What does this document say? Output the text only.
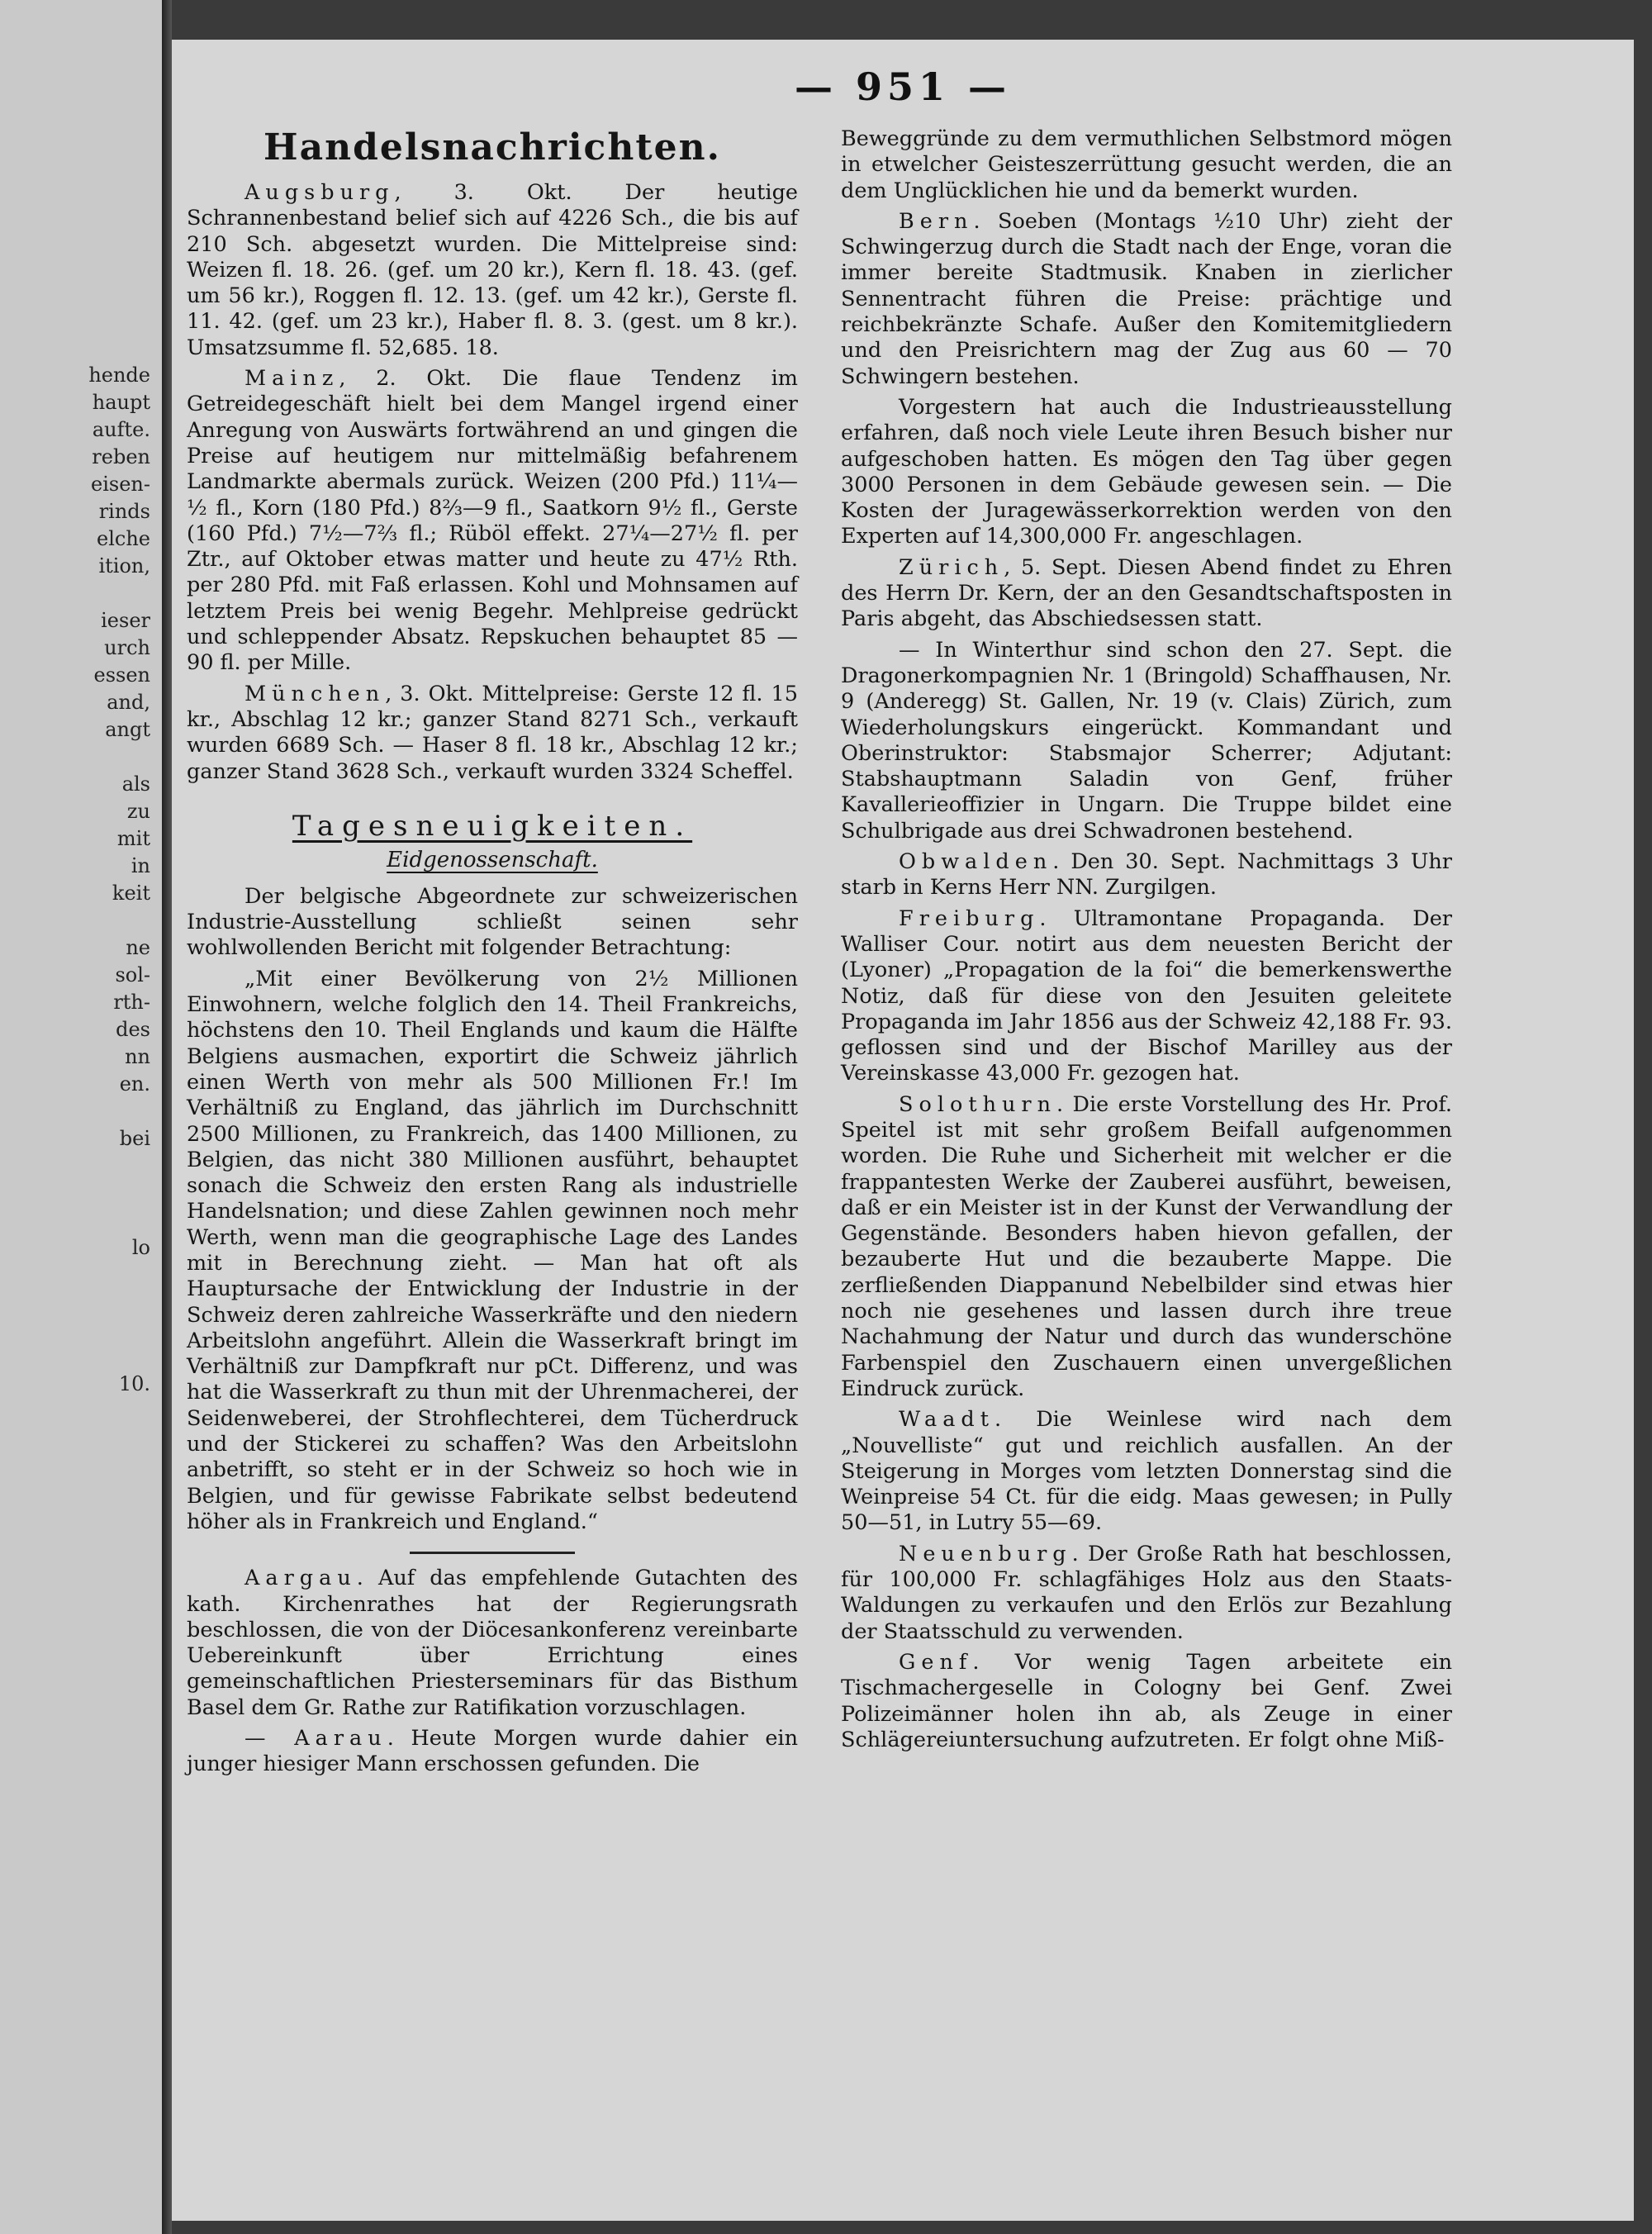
hende
haupt
aufte.
reben
eisen-
rinds
elche
ition,
ieser
urch
essen
and,
angt
als
zu
mit
in
keit
ne
sol-
rth-
des
nn
en.
bei
lo
10.
— 951 —
Handelsnachrichten.

Augsburg, 3. Okt. Der heutige Schrannenbestand belief sich auf 4226 Sch., die bis auf 210 Sch. abgesetzt wurden. Die Mittelpreise sind: Weizen fl. 18. 26. (gef. um 20 kr.), Kern fl. 18. 43. (gef. um 56 kr.), Roggen fl. 12. 13. (gef. um 42 kr.), Gerste fl. 11. 42. (gef. um 23 kr.), Haber fl. 8. 3. (gest. um 8 kr.). Umsatzsumme fl. 52,685. 18.

Mainz, 2. Okt. Die flaue Tendenz im Getreidegeschäft hielt bei dem Mangel irgend einer Anregung von Auswärts fortwährend an und gingen die Preise auf heutigem nur mittelmäßig befahrenem Landmarkte abermals zurück. Weizen (200 Pfd.) 11¼—½ fl., Korn (180 Pfd.) 8⅔—9 fl., Saatkorn 9½ fl., Gerste (160 Pfd.) 7½—7⅔ fl.; Rüböl effekt. 27¼—27½ fl. per Ztr., auf Oktober etwas matter und heute zu 47½ Rth. per 280 Pfd. mit Faß erlassen. Kohl und Mohnsamen auf letztem Preis bei wenig Begehr. Mehlpreise gedrückt und schleppender Absatz. Repskuchen behauptet 85 — 90 fl. per Mille.

München, 3. Okt. Mittelpreise: Gerste 12 fl. 15 kr., Abschlag 12 kr.; ganzer Stand 8271 Sch., verkauft wurden 6689 Sch. — Haser 8 fl. 18 kr., Abschlag 12 kr.; ganzer Stand 3628 Sch., verkauft wurden 3324 Scheffel.

Tagesneuigkeiten.
Eidgenossenschaft.

Der belgische Abgeordnete zur schweizerischen Industrie-Ausstellung schließt seinen sehr wohlwollenden Bericht mit folgender Betrachtung:

„Mit einer Bevölkerung von 2½ Millionen Einwohnern, welche folglich den 14. Theil Frankreichs, höchstens den 10. Theil Englands und kaum die Hälfte Belgiens ausmachen, exportirt die Schweiz jährlich einen Werth von mehr als 500 Millionen Fr.! Im Verhältniß zu England, das jährlich im Durchschnitt 2500 Millionen, zu Frankreich, das 1400 Millionen, zu Belgien, das nicht 380 Millionen ausführt, behauptet sonach die Schweiz den ersten Rang als industrielle Handelsnation; und diese Zahlen gewinnen noch mehr Werth, wenn man die geographische Lage des Landes mit in Berechnung zieht. — Man hat oft als Hauptursache der Entwicklung der Industrie in der Schweiz deren zahlreiche Wasserkräfte und den niedern Arbeitslohn angeführt. Allein die Wasserkraft bringt im Verhältniß zur Dampfkraft nur pCt. Differenz, und was hat die Wasserkraft zu thun mit der Uhrenmacherei, der Seidenweberei, der Strohflechterei, dem Tücherdruck und der Stickerei zu schaffen? Was den Arbeitslohn anbetrifft, so steht er in der Schweiz so hoch wie in Belgien, und für gewisse Fabrikate selbst bedeutend höher als in Frankreich und England.“

Aargau. Auf das empfehlende Gutachten des kath. Kirchenrathes hat der Regierungsrath beschlossen, die von der Diöcesankonferenz vereinbarte Uebereinkunft über Errichtung eines gemeinschaftlichen Priesterseminars für das Bisthum Basel dem Gr. Rathe zur Ratifikation vorzuschlagen.

— Aarau. Heute Morgen wurde dahier ein junger hiesiger Mann erschossen gefunden. Die

Beweggründe zu dem vermuthlichen Selbstmord mögen in etwelcher Geisteszerrüttung gesucht werden, die an dem Unglücklichen hie und da bemerkt wurden.

Bern. Soeben (Montags ½10 Uhr) zieht der Schwingerzug durch die Stadt nach der Enge, voran die immer bereite Stadtmusik. Knaben in zierlicher Sennentracht führen die Preise: prächtige und reichbekränzte Schafe. Außer den Komitemitgliedern und den Preisrichtern mag der Zug aus 60 — 70 Schwingern bestehen.

Vorgestern hat auch die Industrieausstellung erfahren, daß noch viele Leute ihren Besuch bisher nur aufgeschoben hatten. Es mögen den Tag über gegen 3000 Personen in dem Gebäude gewesen sein. — Die Kosten der Juragewässerkorrektion werden von den Experten auf 14,300,000 Fr. angeschlagen.

Zürich, 5. Sept. Diesen Abend findet zu Ehren des Herrn Dr. Kern, der an den Gesandtschaftsposten in Paris abgeht, das Abschiedsessen statt.

— In Winterthur sind schon den 27. Sept. die Dragonerkompagnien Nr. 1 (Bringold) Schaffhausen, Nr. 9 (Anderegg) St. Gallen, Nr. 19 (v. Clais) Zürich, zum Wiederholungskurs eingerückt. Kommandant und Oberinstruktor: Stabsmajor Scherrer; Adjutant: Stabshauptmann Saladin von Genf, früher Kavallerieoffizier in Ungarn. Die Truppe bildet eine Schulbrigade aus drei Schwadronen bestehend.

Obwalden. Den 30. Sept. Nachmittags 3 Uhr starb in Kerns Herr NN. Zurgilgen.

Freiburg. Ultramontane Propaganda. Der Walliser Cour. notirt aus dem neuesten Bericht der (Lyoner) „Propagation de la foi“ die bemerkenswerthe Notiz, daß für diese von den Jesuiten geleitete Propaganda im Jahr 1856 aus der Schweiz 42,188 Fr. 93. geflossen sind und der Bischof Marilley aus der Vereinskasse 43,000 Fr. gezogen hat.

Solothurn. Die erste Vorstellung des Hr. Prof. Speitel ist mit sehr großem Beifall aufgenommen worden. Die Ruhe und Sicherheit mit welcher er die frappantesten Werke der Zauberei ausführt, beweisen, daß er ein Meister ist in der Kunst der Verwandlung der Gegenstände. Besonders haben hievon gefallen, der bezauberte Hut und die bezauberte Mappe. Die zerfließenden Diappanund Nebelbilder sind etwas hier noch nie gesehenes und lassen durch ihre treue Nachahmung der Natur und durch das wunderschöne Farbenspiel den Zuschauern einen unvergeßlichen Eindruck zurück.

Waadt. Die Weinlese wird nach dem „Nouvelliste“ gut und reichlich ausfallen. An der Steigerung in Morges vom letzten Donnerstag sind die Weinpreise 54 Ct. für die eidg. Maas gewesen; in Pully 50—51, in Lutry 55—69.

Neuenburg. Der Große Rath hat beschlossen, für 100,000 Fr. schlagfähiges Holz aus den Staats-Waldungen zu verkaufen und den Erlös zur Bezahlung der Staatsschuld zu verwenden.

Genf. Vor wenig Tagen arbeitete ein Tischmachergeselle in Cologny bei Genf. Zwei Polizeimänner holen ihn ab, als Zeuge in einer Schlägereiuntersuchung aufzutreten. Er folgt ohne Miß-
